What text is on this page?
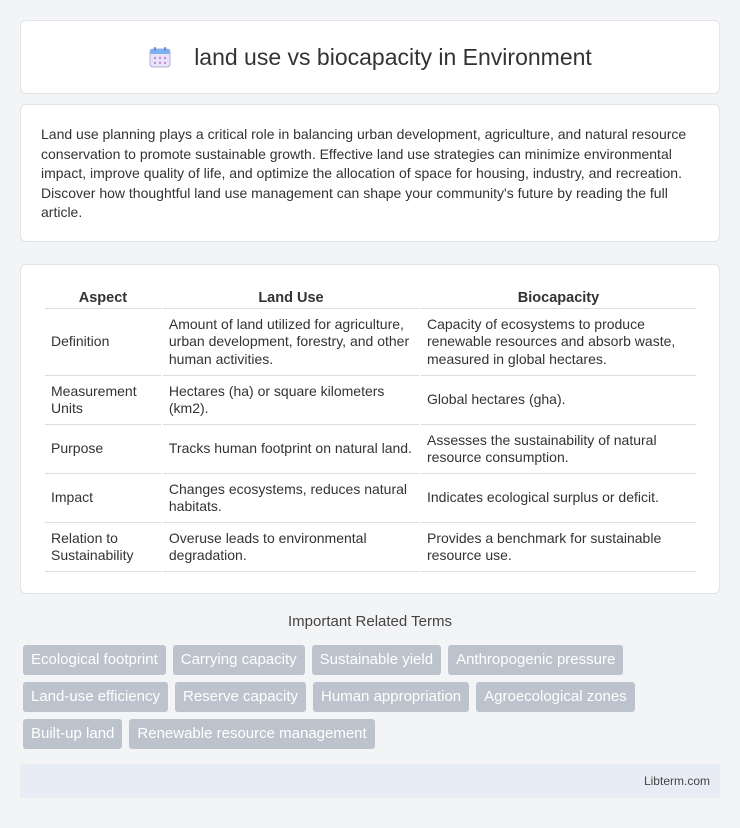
land use vs biocapacity in Environment

Land use planning plays a critical role in balancing urban development, agriculture, and natural resource conservation to promote sustainable growth. Effective land use strategies can minimize environmental impact, improve quality of life, and optimize the allocation of space for housing, industry, and recreation. Discover how thoughtful land use management can shape your community's future by reading the full article.

Aspect	Land Use	Biocapacity
Definition	Amount of land utilized for agriculture, urban development, forestry, and other human activities.	Capacity of ecosystems to produce renewable resources and absorb waste, measured in global hectares.
Measurement Units	Hectares (ha) or square kilometers (km2).	Global hectares (gha).
Purpose	Tracks human footprint on natural land.	Assesses the sustainability of natural resource consumption.
Impact	Changes ecosystems, reduces natural habitats.	Indicates ecological surplus or deficit.
Relation to Sustainability	Overuse leads to environmental degradation.	Provides a benchmark for sustainable resource use.
Important Related Terms
Ecological footprint	Carrying capacity	Sustainable yield	Anthropogenic pressure
Land-use efficiency	Reserve capacity	Human appropriation	Agroecological zones
Built-up land	Renewable resource management
Libterm.com
